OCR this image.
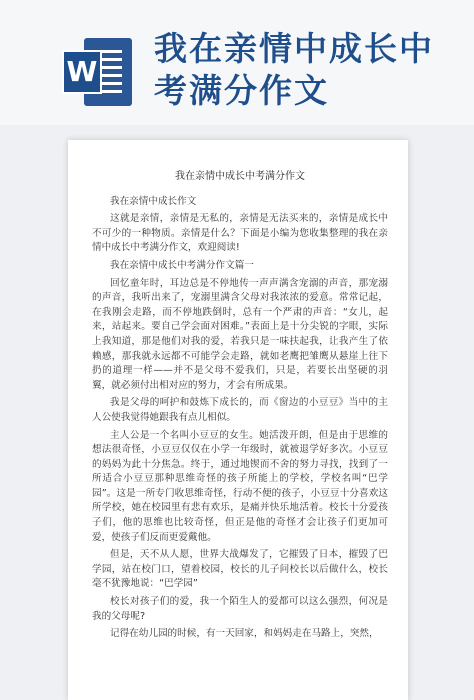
W
我在亲情中成长中
考满分作文
我在亲情中成长中考满分作文

我在亲情中成长作文

这就是亲情，亲情是无私的，亲情是无法买来的，亲情是成长中不可少的一种物质。亲情是什么？下面是小编为您收集整理的我在亲情中成长中考满分作文，欢迎阅读!

我在亲情中成长中考满分作文篇一

回忆童年时，耳边总是不停地传一声声满含宠溺的声音，那宠溺的声音，我听出来了，宠溺里满含父母对我浓浓的爱意。常常记起，在我刚会走路，而不停地跌倒时，总有一个严肃的声音：“女儿，起来，站起来。要自己学会面对困难。”表面上是十分尖锐的字眼，实际上我知道，那是他们对我的爱，若我只是一味扶起我，让我产生了依赖感，那我就永远都不可能学会走路，就如老鹰把雏鹰从悬崖上往下扔的道理一样——并不是父母不爱我们，只是，若要长出坚硬的羽翼，就必须付出相对应的努力，才会有所成果。

我是父母的呵护和鼓炼下成长的，而《窗边的小豆豆》当中的主人公使我觉得她跟我有点儿相似。

主人公是一个名叫小豆豆的女生。她活泼开朗，但是由于思维的想法很奇怪，小豆豆仅仅在小学一年级时，就被退学好多次。小豆豆的妈妈为此十分焦急。终于，通过地锲而不舍的努力寻找，找到了一所适合小豆豆那种思维奇怪的孩子所能上的学校，学校名叫“巴学园”。这是一所专门收思维奇怪，行动不便的孩子，小豆豆十分喜欢这所学校，她在校园里有悲有欢乐，是痛并快乐地活着。校长十分爱孩子们，他的思维也比较奇怪，但正是他的奇怪才会让孩子们更加可爱，使孩子们反而更爱戴他。

但是，天不从人愿，世界大战爆发了，它摧毁了日本，摧毁了巴学园，站在校门口，望着校园，校长的儿子问校长以后做什么，校长毫不犹豫地说：“巴学园”

校长对孩子们的爱，我一个陌生人的爱都可以这么强烈，何况是我的父母呢?

记得在幼儿园的时候，有一天回家，和妈妈走在马路上，突然，
